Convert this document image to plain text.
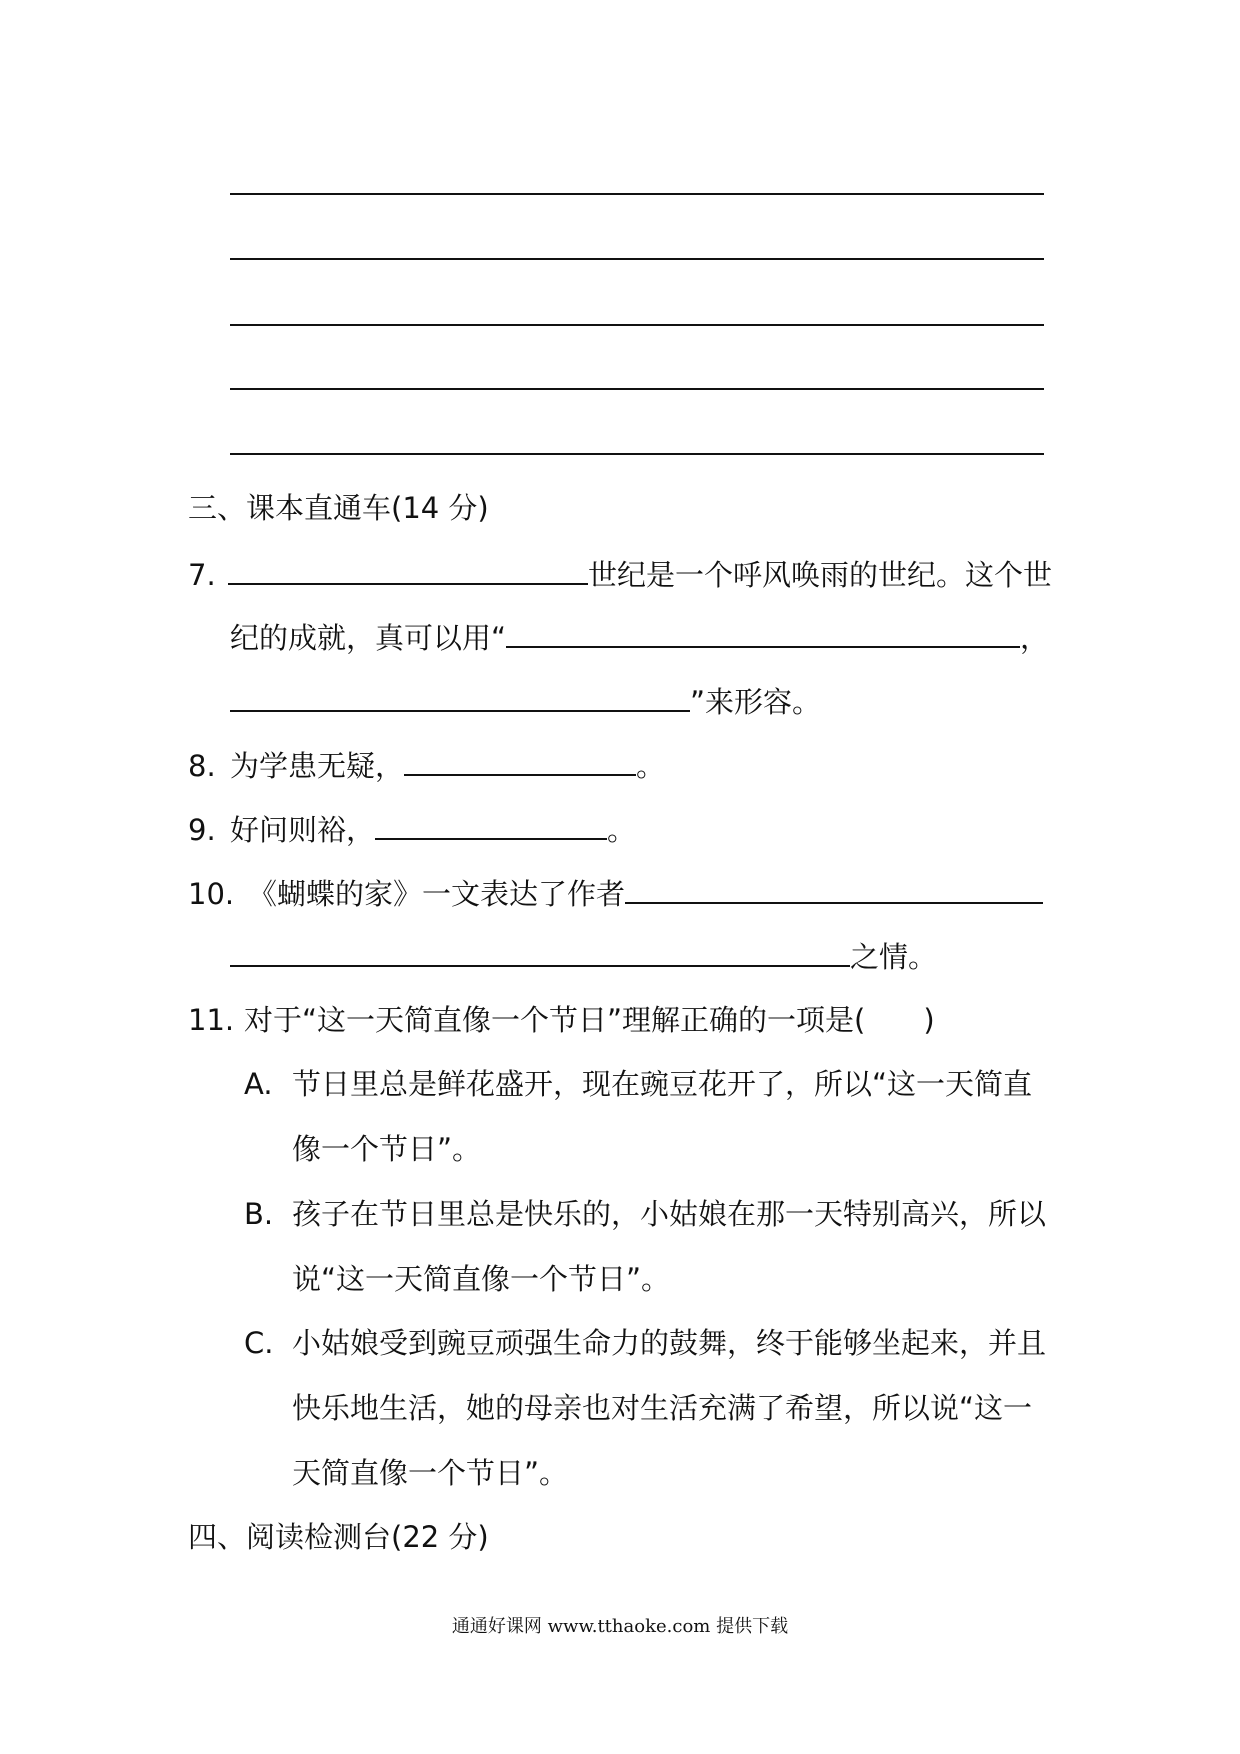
三、课本直通车(14 分)
7.	世纪是一个呼风唤雨的世纪。这个世
纪的成就，真可以用“	，
”来形容。
8. 为学患无疑，	。
9. 好问则裕，	。
10. 《蝴蝶的家》一文表达了作者
之情。
11. 对于“这一天简直像一个节日”理解正确的一项是( )
A. 节日里总是鲜花盛开，现在豌豆花开了，所以“这一天简直
像一个节日”。
B. 孩子在节日里总是快乐的，小姑娘在那一天特别高兴，所以
说“这一天简直像一个节日”。
C. 小姑娘受到豌豆顽强生命力的鼓舞，终于能够坐起来，并且
快乐地生活，她的母亲也对生活充满了希望，所以说“这一
天简直像一个节日”。
四、阅读检测台(22 分)
通通好课网 www.tthaoke.com 提供下载
